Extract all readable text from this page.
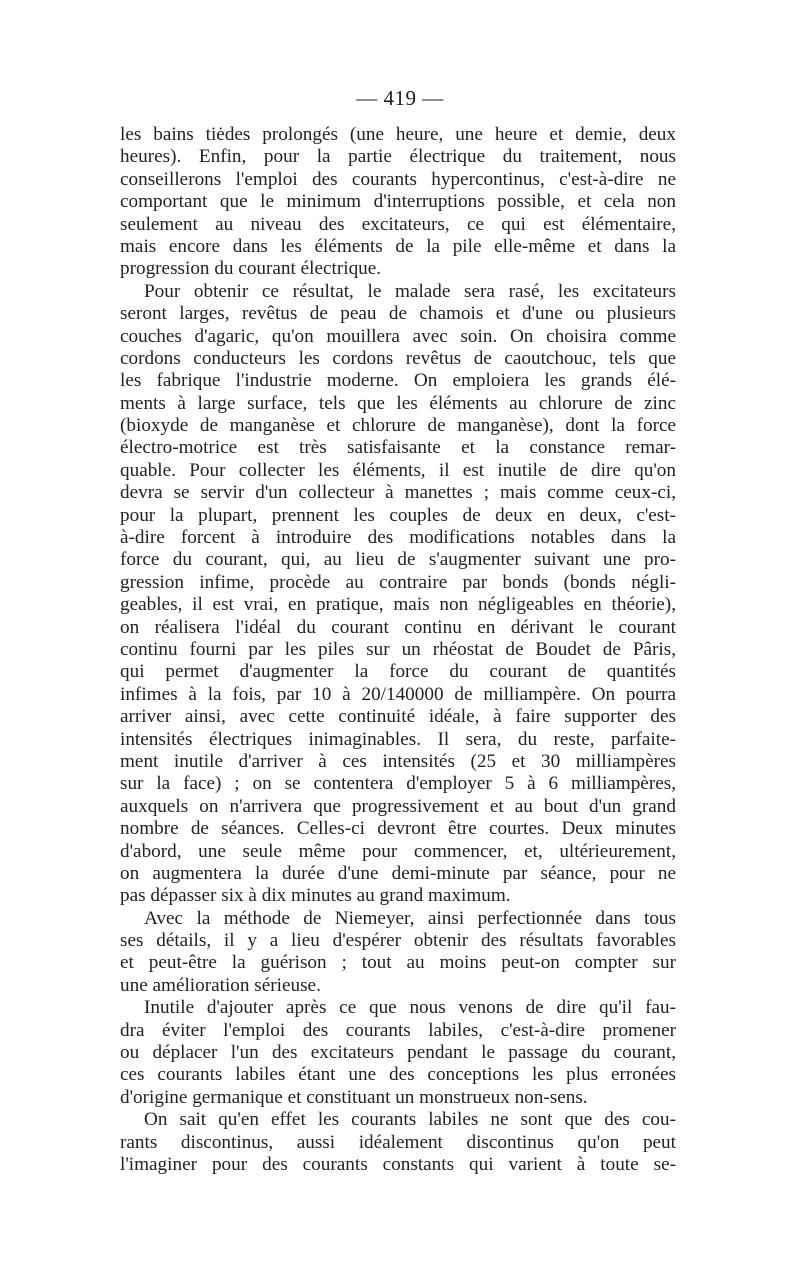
— 419 —
les bains tiėdes prolongés (une heure, une heure et demie, deux
heures). Enfin, pour la partie électrique du traitement, nous
conseillerons l'emploi des courants hypercontinus, c'est-à-dire ne
comportant que le minimum d'interruptions possible, et cela non
seulement au niveau des excitateurs, ce qui est élémentaire,
mais encore dans les éléments de la pile elle-même et dans la
progression du courant électrique.
Pour obtenir ce résultat, le malade sera rasé, les excitateurs
seront larges, revêtus de peau de chamois et d'une ou plusieurs
couches d'agaric, qu'on mouillera avec soin. On choisira comme
cordons conducteurs les cordons revêtus de caoutchouc, tels que
les fabrique l'industrie moderne. On emploiera les grands élé-
ments à large surface, tels que les éléments au chlorure de zinc
(bioxyde de manganèse et chlorure de manganèse), dont la force
électro-motrice est très satisfaisante et la constance remar-
quable. Pour collecter les éléments, il est inutile de dire qu'on
devra se servir d'un collecteur à manettes ; mais comme ceux-ci,
pour la plupart, prennent les couples de deux en deux, c'est-
à-dire forcent à introduire des modifications notables dans la
force du courant, qui, au lieu de s'augmenter suivant une pro-
gression infime, procède au contraire par bonds (bonds négli-
geables, il est vrai, en pratique, mais non négligeables en théorie),
on réalisera l'idéal du courant continu en dérivant le courant
continu fourni par les piles sur un rhéostat de Boudet de Pâris,
qui permet d'augmenter la force du courant de quantités
infimes à la fois, par 10 à 20/140000 de milliampère. On pourra
arriver ainsi, avec cette continuité idéale, à faire supporter des
intensités électriques inimaginables. Il sera, du reste, parfaite-
ment inutile d'arriver à ces intensités (25 et 30 milliampères
sur la face) ; on se contentera d'employer 5 à 6 milliampères,
auxquels on n'arrivera que progressivement et au bout d'un grand
nombre de séances. Celles-ci devront être courtes. Deux minutes
d'abord, une seule même pour commencer, et, ultérieurement,
on augmentera la durée d'une demi-minute par séance, pour ne
pas dépasser six à dix minutes au grand maximum.
Avec la méthode de Niemeyer, ainsi perfectionnée dans tous
ses détails, il y a lieu d'espérer obtenir des résultats favorables
et peut-être la guérison ; tout au moins peut-on compter sur
une amélioration sérieuse.
Inutile d'ajouter après ce que nous venons de dire qu'il fau-
dra éviter l'emploi des courants labiles, c'est-à-dire promener
ou déplacer l'un des excitateurs pendant le passage du courant,
ces courants labiles étant une des conceptions les plus erronées
d'origine germanique et constituant un monstrueux non-sens.
On sait qu'en effet les courants labiles ne sont que des cou-
rants discontinus, aussi idéalement discontinus qu'on peut
l'imaginer pour des courants constants qui varient à toute se-
